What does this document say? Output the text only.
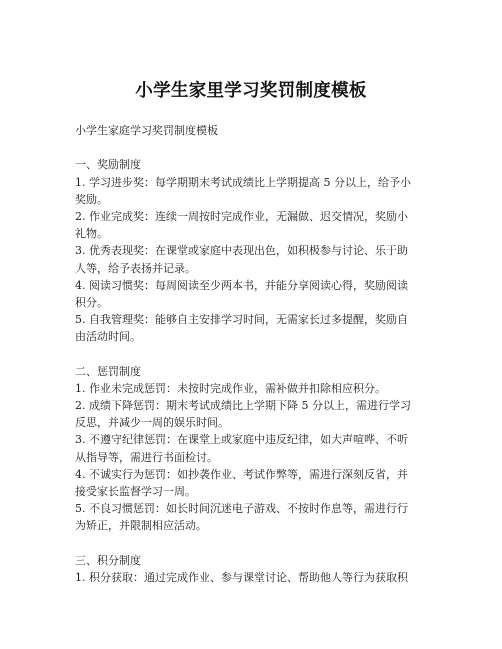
小学生家里学习奖罚制度模板
小学生家庭学习奖罚制度模板
一、奖励制度
1. 学习进步奖：每学期期末考试成绩比上学期提高 5 分以上，给予小
奖励。
2. 作业完成奖：连续一周按时完成作业，无漏做、迟交情况，奖励小
礼物。
3. 优秀表现奖：在课堂或家庭中表现出色，如积极参与讨论、乐于助
人等，给予表扬并记录。
4. 阅读习惯奖：每周阅读至少两本书，并能分享阅读心得，奖励阅读
积分。
5. 自我管理奖：能够自主安排学习时间，无需家长过多提醒，奖励自
由活动时间。
二、惩罚制度
1. 作业未完成惩罚：未按时完成作业，需补做并扣除相应积分。
2. 成绩下降惩罚：期末考试成绩比上学期下降 5 分以上，需进行学习
反思，并减少一周的娱乐时间。
3. 不遵守纪律惩罚：在课堂上或家庭中违反纪律，如大声喧哗、不听
从指导等，需进行书面检讨。
4. 不诚实行为惩罚：如抄袭作业、考试作弊等，需进行深刻反省，并
接受家长监督学习一周。
5. 不良习惯惩罚：如长时间沉迷电子游戏、不按时作息等，需进行行
为矫正，并限制相应活动。
三、积分制度
1. 积分获取：通过完成作业、参与课堂讨论、帮助他人等行为获取积
